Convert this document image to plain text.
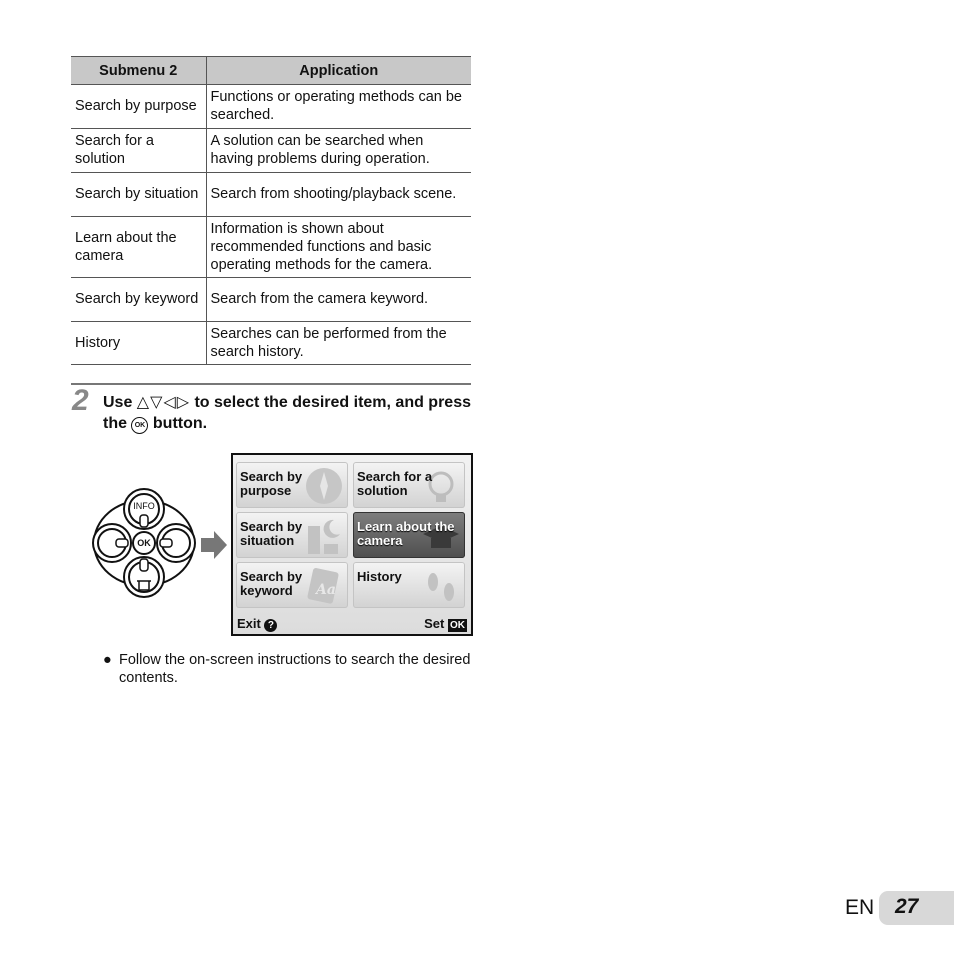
Submenu 2	Application
Search by purpose	Functions or operating methods can be searched.
Search for a solution	A solution can be searched when having problems during operation.
Search by situation	Search from shooting/playback scene.
Learn about the camera	Information is shown about recommended functions and basic operating methods for the camera.
Search by keyword	Search from the camera keyword.
History	Searches can be performed from the search history.
2 Use △▽◁▷ to select the desired item, and press the OK button.
INFO
OK
Search by purpose
Search for a solution
Search by situation
Learn about the camera
Aa
Search by keyword
History
Exit ?	Set OK
● Follow the on-screen instructions to search the desired contents.
EN 27
